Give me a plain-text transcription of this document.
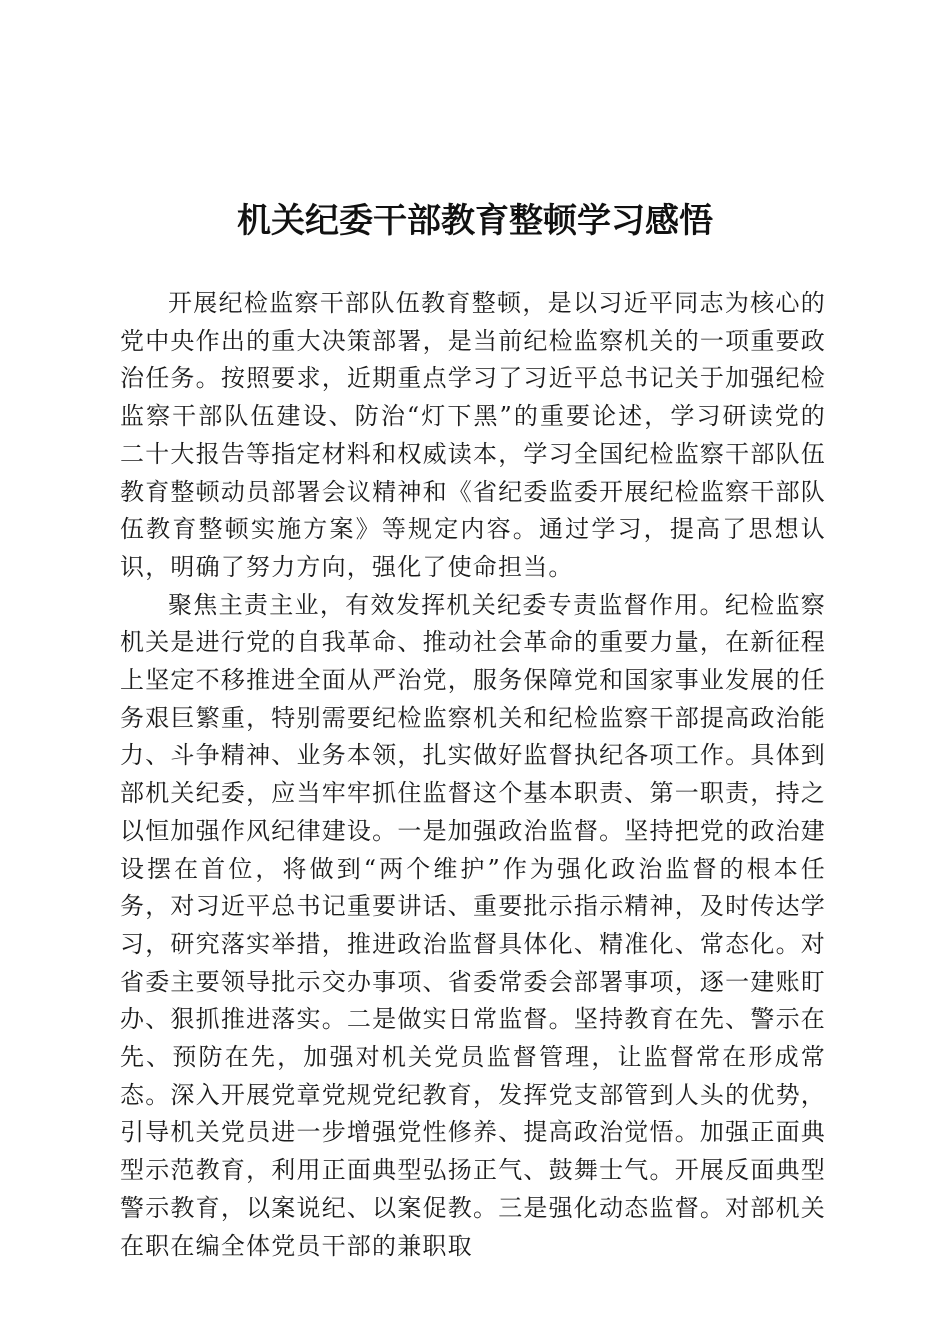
机关纪委干部教育整顿学习感悟

开展纪检监察干部队伍教育整顿，是以习近平同志为核心的党中央作出的重大决策部署，是当前纪检监察机关的一项重要政治任务。按照要求，近期重点学习了习近平总书记关于加强纪检监察干部队伍建设、防治“灯下黑”的重要论述，学习研读党的二十大报告等指定材料和权威读本，学习全国纪检监察干部队伍教育整顿动员部署会议精神和《省纪委监委开展纪检监察干部队伍教育整顿实施方案》等规定内容。通过学习，提高了思想认识，明确了努力方向，强化了使命担当。

聚焦主责主业，有效发挥机关纪委专责监督作用。纪检监察机关是进行党的自我革命、推动社会革命的重要力量，在新征程上坚定不移推进全面从严治党，服务保障党和国家事业发展的任务艰巨繁重，特别需要纪检监察机关和纪检监察干部提高政治能力、斗争精神、业务本领，扎实做好监督执纪各项工作。具体到部机关纪委，应当牢牢抓住监督这个基本职责、第一职责，持之以恒加强作风纪律建设。一是加强政治监督。坚持把党的政治建设摆在首位，将做到“两个维护”作为强化政治监督的根本任务，对习近平总书记重要讲话、重要批示指示精神，及时传达学习，研究落实举措，推进政治监督具体化、精准化、常态化。对省委主要领导批示交办事项、省委常委会部署事项，逐一建账盯办、狠抓推进落实。二是做实日常监督。坚持教育在先、警示在先、预防在先，加强对机关党员监督管理，让监督常在形成常态。深入开展党章党规党纪教育，发挥党支部管到人头的优势，引导机关党员进一步增强党性修养、提高政治觉悟。加强正面典型示范教育，利用正面典型弘扬正气、鼓舞士气。开展反面典型警示教育，以案说纪、以案促教。三是强化动态监督。对部机关在职在编全体党员干部的兼职取
